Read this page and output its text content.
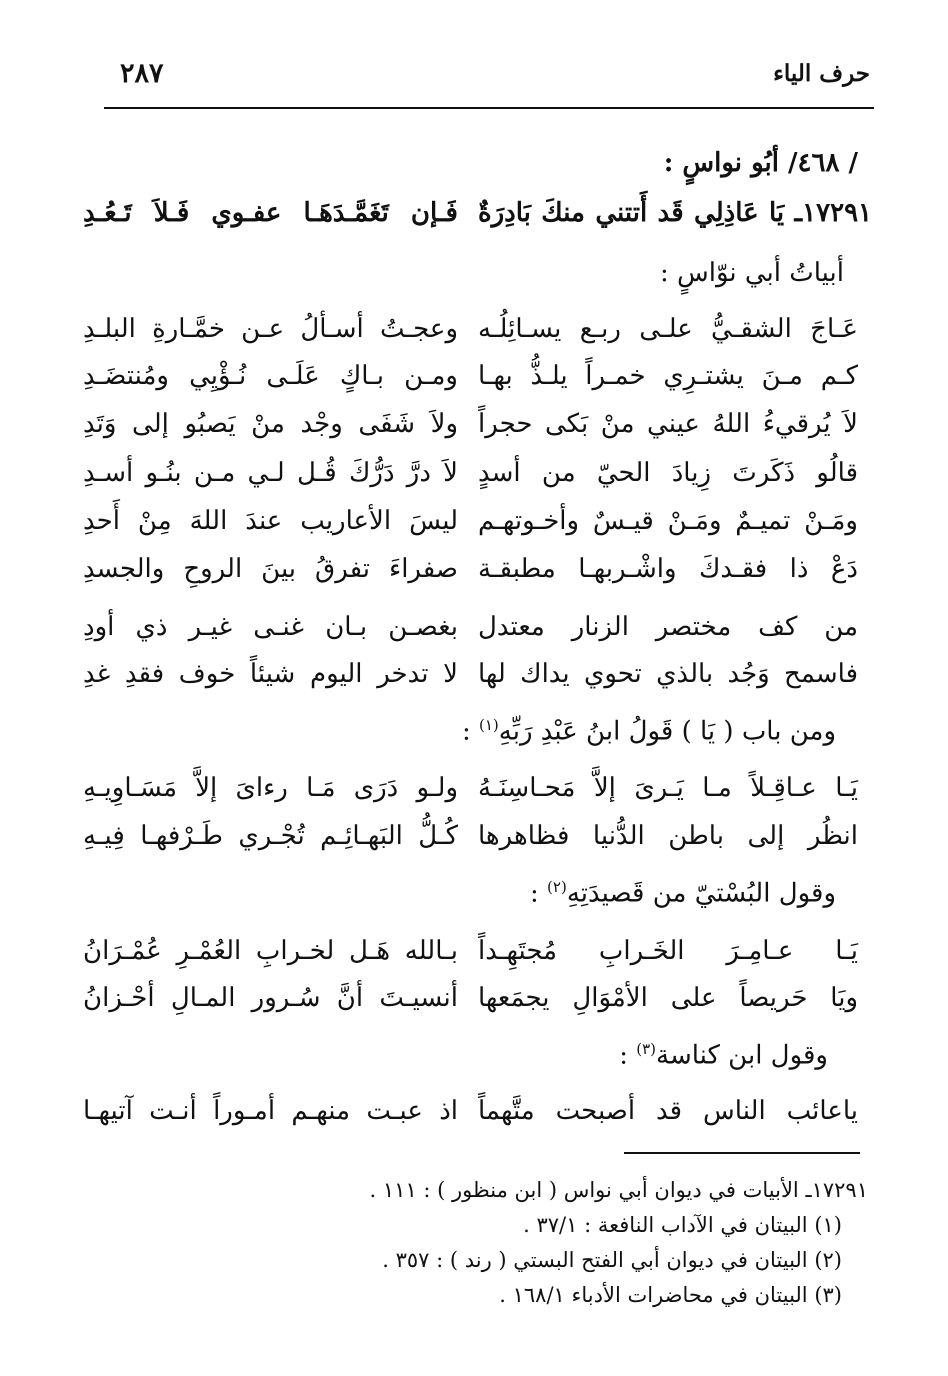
حرف الياء
٢٨٧
/ ٤٦٨/ أبُو نواسٍ :
١٧٢٩١ـ يَا عَاذِلِي قَد أَتتني منكَ بَادِرَةٌ
فَـإن تَغَمَّـدَهَـا عفـوي فَـلاَ تَـعُـدِ
أبياتُ أبي نوّاسٍ :
عَـاجَ الشقـيُّ علـى ربـع يسـائِلُـه
وعجـتُ أسـألُ عـن خمَّـارةِ البلـدِ
كـم مـنَ يشتـرِي خمـراً يلـذُّ بهـا
ومـن بـاكٍ عَلَـى نُـؤْيِي ومُنتضَـدِ
لاَ يُرقيءُ اللهُ عيني منْ بَكى حجراً
ولاَ شَفَى وجْد منْ يَصبُو إلى وَتَدِ
قالُو ذَكَرتَ زِيادَ الحيّ من أسدٍ
لاَ درَّ دَرُّكَ قُـل لـي مـن بنُـو أسـدِ
ومَـنْ تميـمٌ ومَـنْ قيـسٌ وأخـوتهـم
ليسَ الأعاريب عندَ اللهَ مِنْ أَحدِ
دَعْ ذا فقـدكَ واشْـربهـا مطبقـة
صفراءَ تفرقُ بينَ الروحِ والجسدِ
من كف مختصر الزنار معتدل
بغصـن بـان غنـى غيـر ذي أودِ
فاسمح وَجُد بالذي تحوي يداك لها
لا تدخر اليوم شيئاً خوف فقدِ غدِ
ومن باب ( يَا ) قَولُ ابنُ عَبْدِ رَبِّهِ$^{(١)}$ :
يَـا عـاقِـلاً مـا يَـرىَ إلاَّ مَحـاسِنَـهُ
ولـو دَرَى مَـا رءاىَ إلاَّ مَسَـاوِيـهِ
انظُر إلى باطن الدُّنيا فظاهرها
كُـلُّ البَهـائِـم تُجْـري طَـرْفهـا فِيـهِ
وقول البُسْتيّ من قَصيدَتِهِ$^{(٢)}$ :
يَـا عـامِـرَ الخَـرابِ مُجتَهِـداً
بـالله هَـل لخـرابِ العُمْـرِ عُمْـرَانُ
ويَا حَريصاً على الأمْوَالِ يجمَعها
أنسيـتَ أنَّ سُـرور المـالِ أحْـزانُ
وقول ابن كناسة$^{(٣)}$ :
ياعائب الناس قد أصبحت متَّهماً
اذ عبـت منهـم أمـوراً أنـت آتيهـا
١٧٢٩١ـ الأبيات في ديوان أبي نواس ( ابن منظور ) : ١١١ .
(١) البيتان في الآداب النافعة : ٣٧/١ .
(٢) البيتان في ديوان أبي الفتح البستي ( رند ) : ٣٥٧ .
(٣) البيتان في محاضرات الأدباء ١٦٨/١ .
